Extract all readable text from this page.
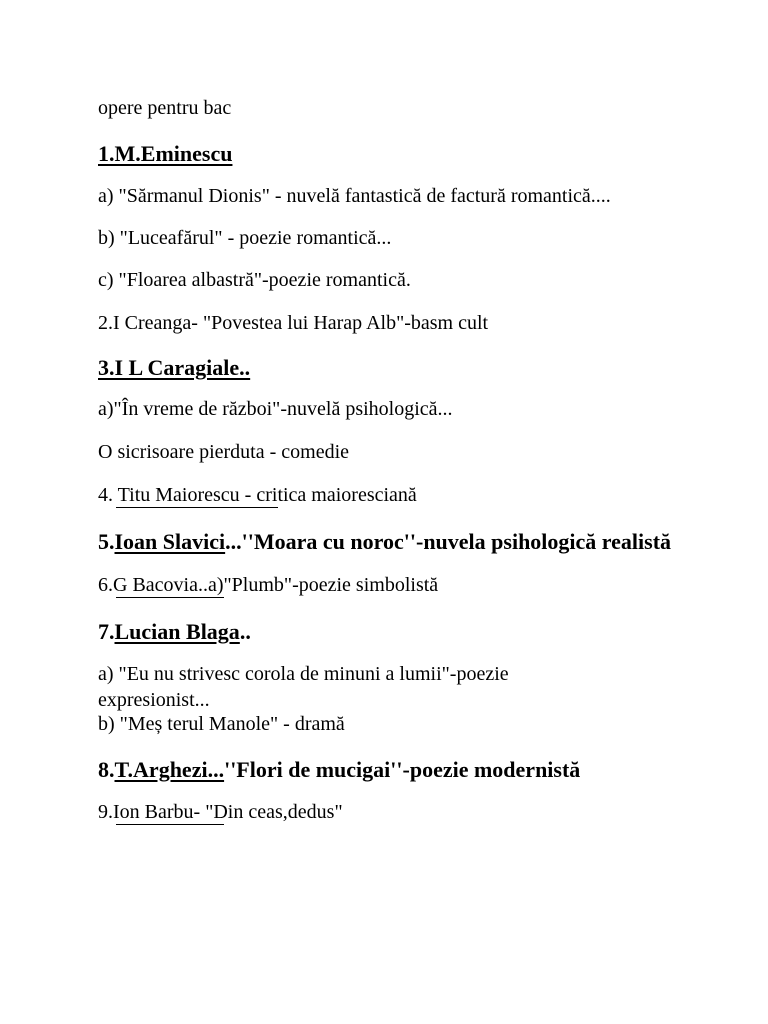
opere pentru bac
1.M.Eminescu
a) "Sărmanul Dionis" - nuvelă fantastică de factură romantică....
b) "Luceafărul" - poezie romantică...
c) "Floarea albastră"-poezie romantică.
2.I Creanga- "Povestea lui Harap Alb"-basm cult
3.I L Caragiale..
a)"În vreme de război"-nuvelă psihologică...
O sicrisoare pierduta - comedie
4. Titu Maiorescu - critica maioresciană
5.Ioan Slavici...''Moara cu noroc''-nuvela psihologică realistă
6.G Bacovia..a)"Plumb"-poezie simbolistă
7.Lucian Blaga..
a) "Eu nu strivesc corola de minuni a lumii"-poezie
expresionist...
b) "Meș terul Manole" - dramă
8.T.Arghezi...''Flori de mucigai''-poezie modernistă
9.Ion Barbu- "Din ceas,dedus"
